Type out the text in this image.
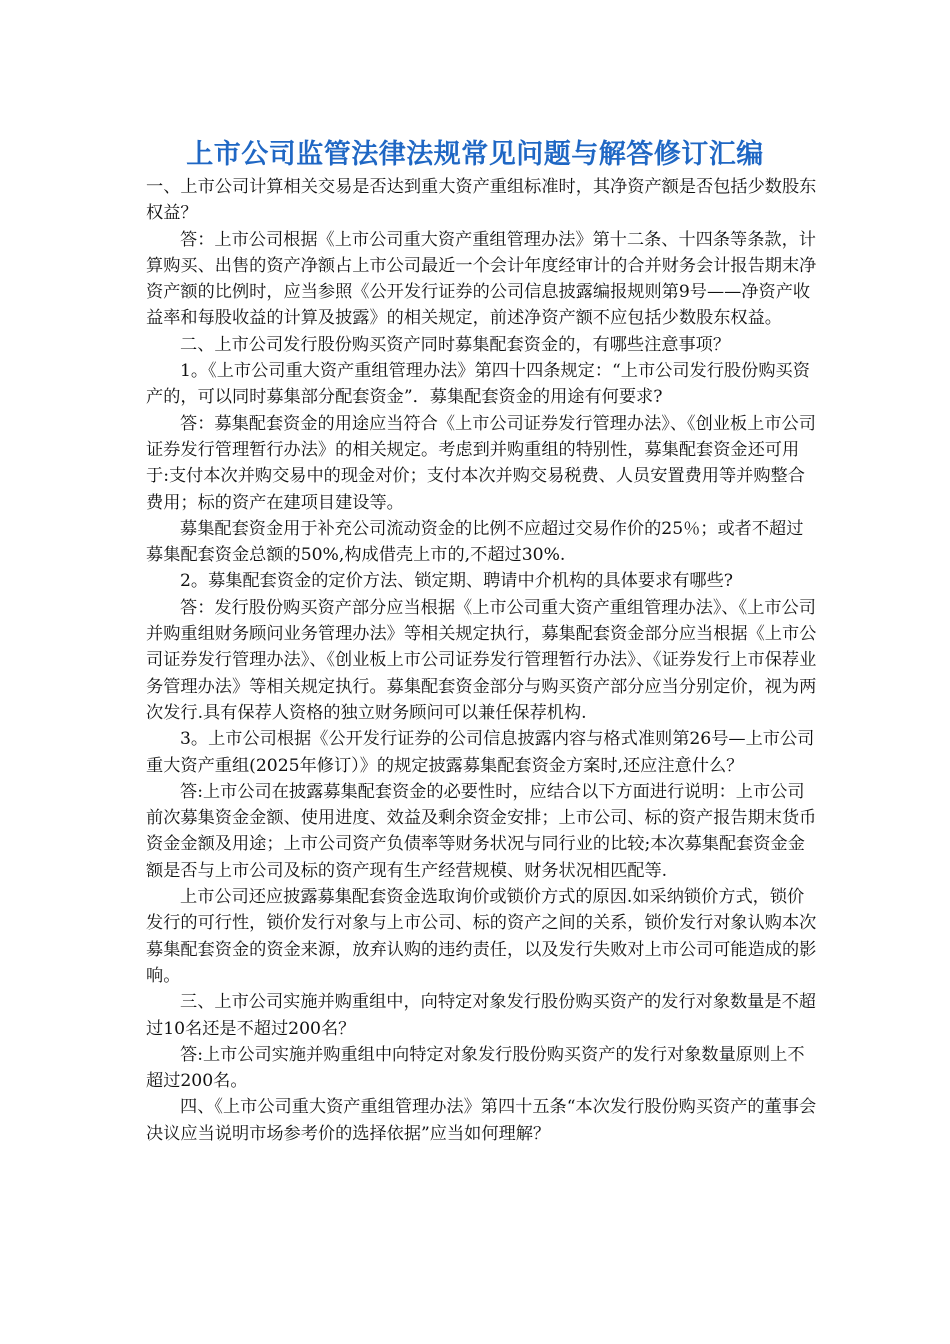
上市公司监管法律法规常见问题与解答修订汇编

一、上市公司计算相关交易是否达到重大资产重组标准时，其净资产额是否包括少数股东权益？

答：上市公司根据《上市公司重大资产重组管理办法》第十二条、十四条等条款，计算购买、出售的资产净额占上市公司最近一个会计年度经审计的合并财务会计报告期末净资产额的比例时，应当参照《公开发行证券的公司信息披露编报规则第9号——净资产收益率和每股收益的计算及披露》的相关规定，前述净资产额不应包括少数股东权益。

二、上市公司发行股份购买资产同时募集配套资金的，有哪些注意事项？

1。《上市公司重大资产重组管理办法》第四十四条规定：“上市公司发行股份购买资产的，可以同时募集部分配套资金”．募集配套资金的用途有何要求?

答：募集配套资金的用途应当符合《上市公司证券发行管理办法》、《创业板上市公司证券发行管理暂行办法》的相关规定。考虑到并购重组的特别性，募集配套资金还可用于:支付本次并购交易中的现金对价；支付本次并购交易税费、人员安置费用等并购整合费用；标的资产在建项目建设等。

募集配套资金用于补充公司流动资金的比例不应超过交易作价的25％；或者不超过募集配套资金总额的50%,构成借壳上市的,不超过30%.

2。募集配套资金的定价方法、锁定期、聘请中介机构的具体要求有哪些?

答：发行股份购买资产部分应当根据《上市公司重大资产重组管理办法》、《上市公司并购重组财务顾问业务管理办法》等相关规定执行，募集配套资金部分应当根据《上市公司证券发行管理办法》、《创业板上市公司证券发行管理暂行办法》、《证券发行上市保荐业务管理办法》等相关规定执行。募集配套资金部分与购买资产部分应当分别定价，视为两次发行.具有保荐人资格的独立财务顾问可以兼任保荐机构.

3。上市公司根据《公开发行证券的公司信息披露内容与格式准则第26号—上市公司重大资产重组(2025年修订）》的规定披露募集配套资金方案时,还应注意什么？

答:上市公司在披露募集配套资金的必要性时，应结合以下方面进行说明：上市公司前次募集资金金额、使用进度、效益及剩余资金安排；上市公司、标的资产报告期末货币资金金额及用途；上市公司资产负债率等财务状况与同行业的比较;本次募集配套资金金额是否与上市公司及标的资产现有生产经营规模、财务状况相匹配等.

上市公司还应披露募集配套资金选取询价或锁价方式的原因.如采纳锁价方式，锁价发行的可行性，锁价发行对象与上市公司、标的资产之间的关系，锁价发行对象认购本次募集配套资金的资金来源，放弃认购的违约责任，以及发行失败对上市公司可能造成的影响。

三、上市公司实施并购重组中，向特定对象发行股份购买资产的发行对象数量是不超过10名还是不超过200名？

答:上市公司实施并购重组中向特定对象发行股份购买资产的发行对象数量原则上不超过200名。

四、《上市公司重大资产重组管理办法》第四十五条“本次发行股份购买资产的董事会决议应当说明市场参考价的选择依据”应当如何理解？
